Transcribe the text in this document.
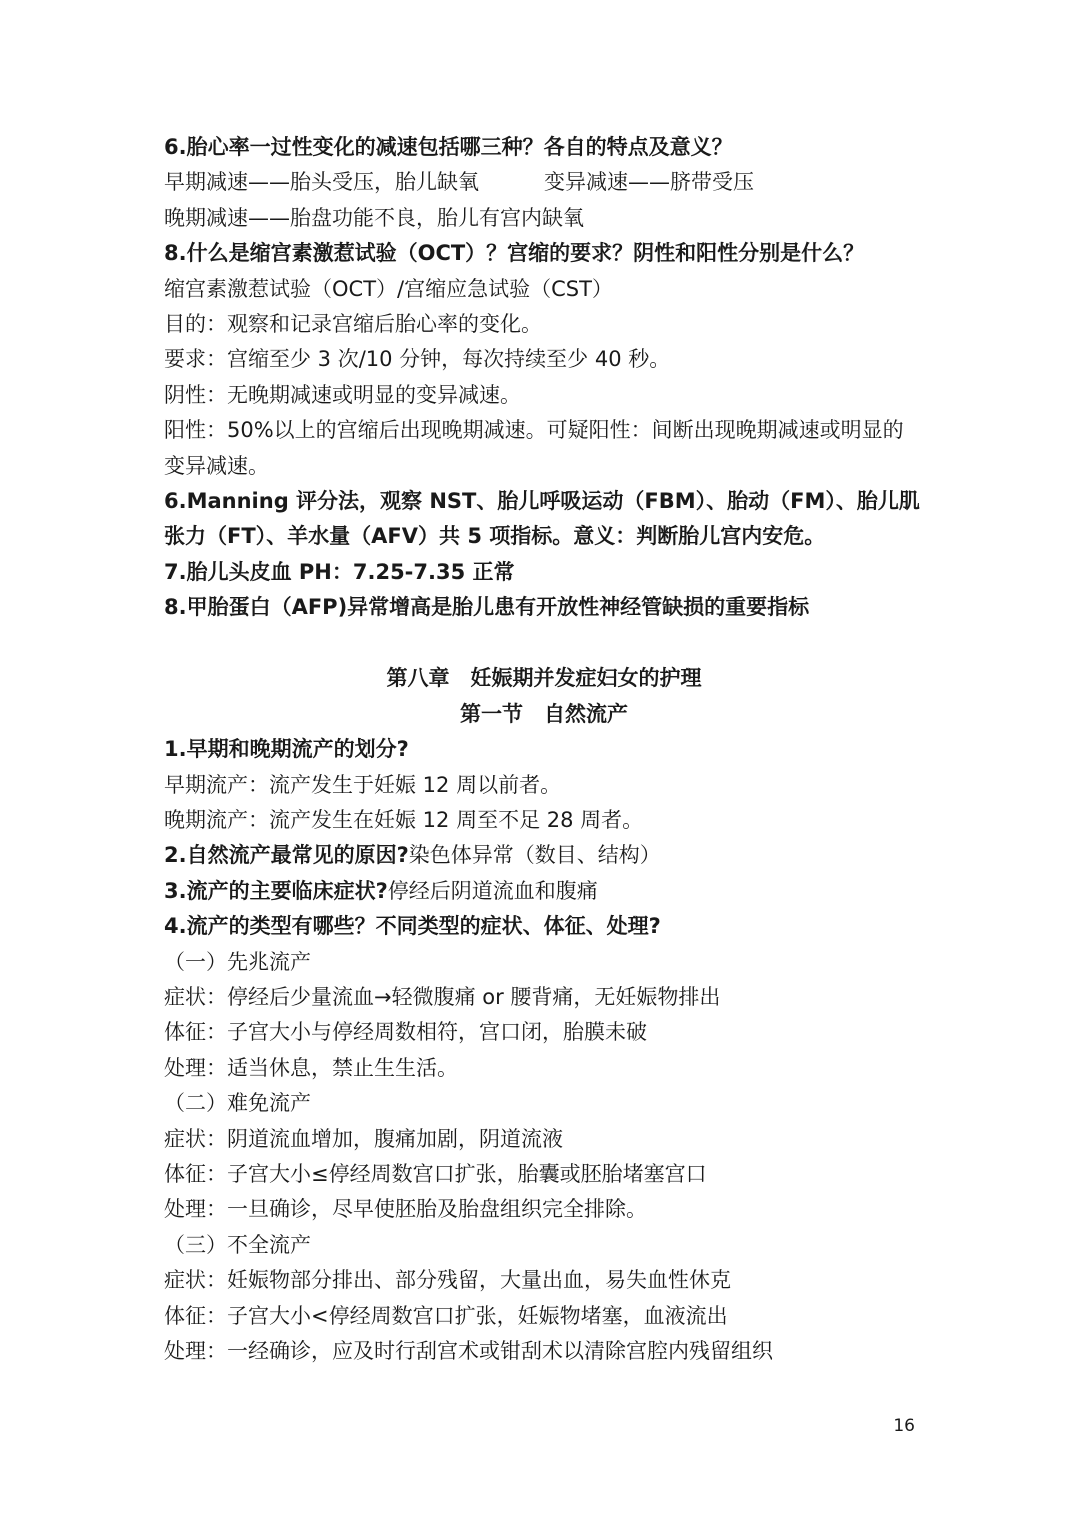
6.胎心率一过性变化的减速包括哪三种？各自的特点及意义？
早期减速——胎头受压，胎儿缺氧	变异减速——脐带受压
晚期减速——胎盘功能不良，胎儿有宫内缺氧
8.什么是缩宫素激惹试验（OCT）？宫缩的要求？阴性和阳性分别是什么？
缩宫素激惹试验（OCT）/宫缩应急试验（CST）
目的：观察和记录宫缩后胎心率的变化。
要求：宫缩至少 3 次/10 分钟，每次持续至少 40 秒。
阴性：无晚期减速或明显的变异减速。
阳性：50%以上的宫缩后出现晚期减速。可疑阳性：间断出现晚期减速或明显的
变异减速。
6.Manning 评分法，观察 NST、胎儿呼吸运动（FBM）、胎动（FM）、胎儿肌
张力（FT）、羊水量（AFV）共 5 项指标。意义：判断胎儿宫内安危。
7.胎儿头皮血 PH：7.25-7.35 正常
8.甲胎蛋白（AFP)异常增高是胎儿患有开放性神经管缺损的重要指标
第八章　妊娠期并发症妇女的护理
第一节　自然流产
1.早期和晚期流产的划分?
早期流产：流产发生于妊娠 12 周以前者。
晚期流产：流产发生在妊娠 12 周至不足 28 周者。
2.自然流产最常见的原因?染色体异常（数目、结构）
3.流产的主要临床症状?停经后阴道流血和腹痛
4.流产的类型有哪些？不同类型的症状、体征、处理?
（一）先兆流产
症状：停经后少量流血→轻微腹痛 or 腰背痛，无妊娠物排出
体征：子宫大小与停经周数相符，宫口闭，胎膜未破
处理：适当休息，禁止生生活。
（二）难免流产
症状：阴道流血增加，腹痛加剧，阴道流液
体征：子宫大小≤停经周数宫口扩张，胎囊或胚胎堵塞宫口
处理：一旦确诊，尽早使胚胎及胎盘组织完全排除。
（三）不全流产
症状：妊娠物部分排出、部分残留，大量出血，易失血性休克
体征：子宫大小<停经周数宫口扩张，妊娠物堵塞，血液流出
处理：一经确诊，应及时行刮宫术或钳刮术以清除宫腔内残留组织
16
